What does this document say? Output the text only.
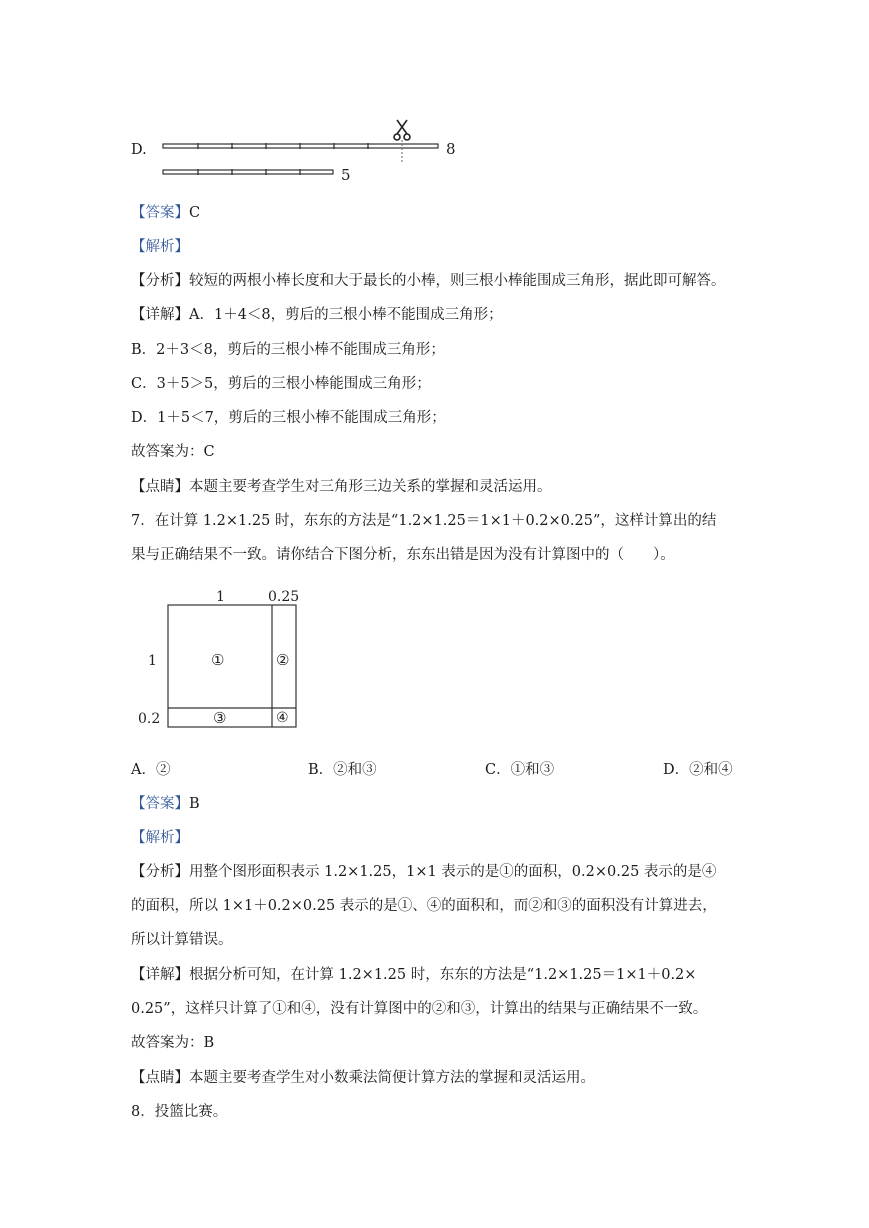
D.	8
5
【答案】C
【解析】
【分析】较短的两根小棒长度和大于最长的小棒，则三根小棒能围成三角形，据此即可解答。
【详解】A．1＋4＜8，剪后的三根小棒不能围成三角形；
B．2＋3＜8，剪后的三根小棒不能围成三角形；
C．3＋5＞5，剪后的三根小棒能围成三角形；
D．1＋5＜7，剪后的三根小棒不能围成三角形；
故答案为：C
【点睛】本题主要考查学生对三角形三边关系的掌握和灵活运用。
7．在计算 1.2×1.25 时，东东的方法是“1.2×1.25＝1×1＋0.2×0.25”，这样计算出的结
果与正确结果不一致。请你结合下图分析，东东出错是因为没有计算图中的（　　）。
1	0.25
1
0.2
①	②
③	④
A．②	B．②和③	C．①和③	D．②和④
【答案】B
【解析】
【分析】用整个图形面积表示 1.2×1.25，1×1 表示的是①的面积，0.2×0.25 表示的是④
的面积，所以 1×1＋0.2×0.25 表示的是①、④的面积和，而②和③的面积没有计算进去，
所以计算错误。
【详解】根据分析可知，在计算 1.2×1.25 时，东东的方法是“1.2×1.25＝1×1＋0.2×
0.25”，这样只计算了①和④，没有计算图中的②和③，计算出的结果与正确结果不一致。
故答案为：B
【点睛】本题主要考查学生对小数乘法简便计算方法的掌握和灵活运用。
8．投篮比赛。
